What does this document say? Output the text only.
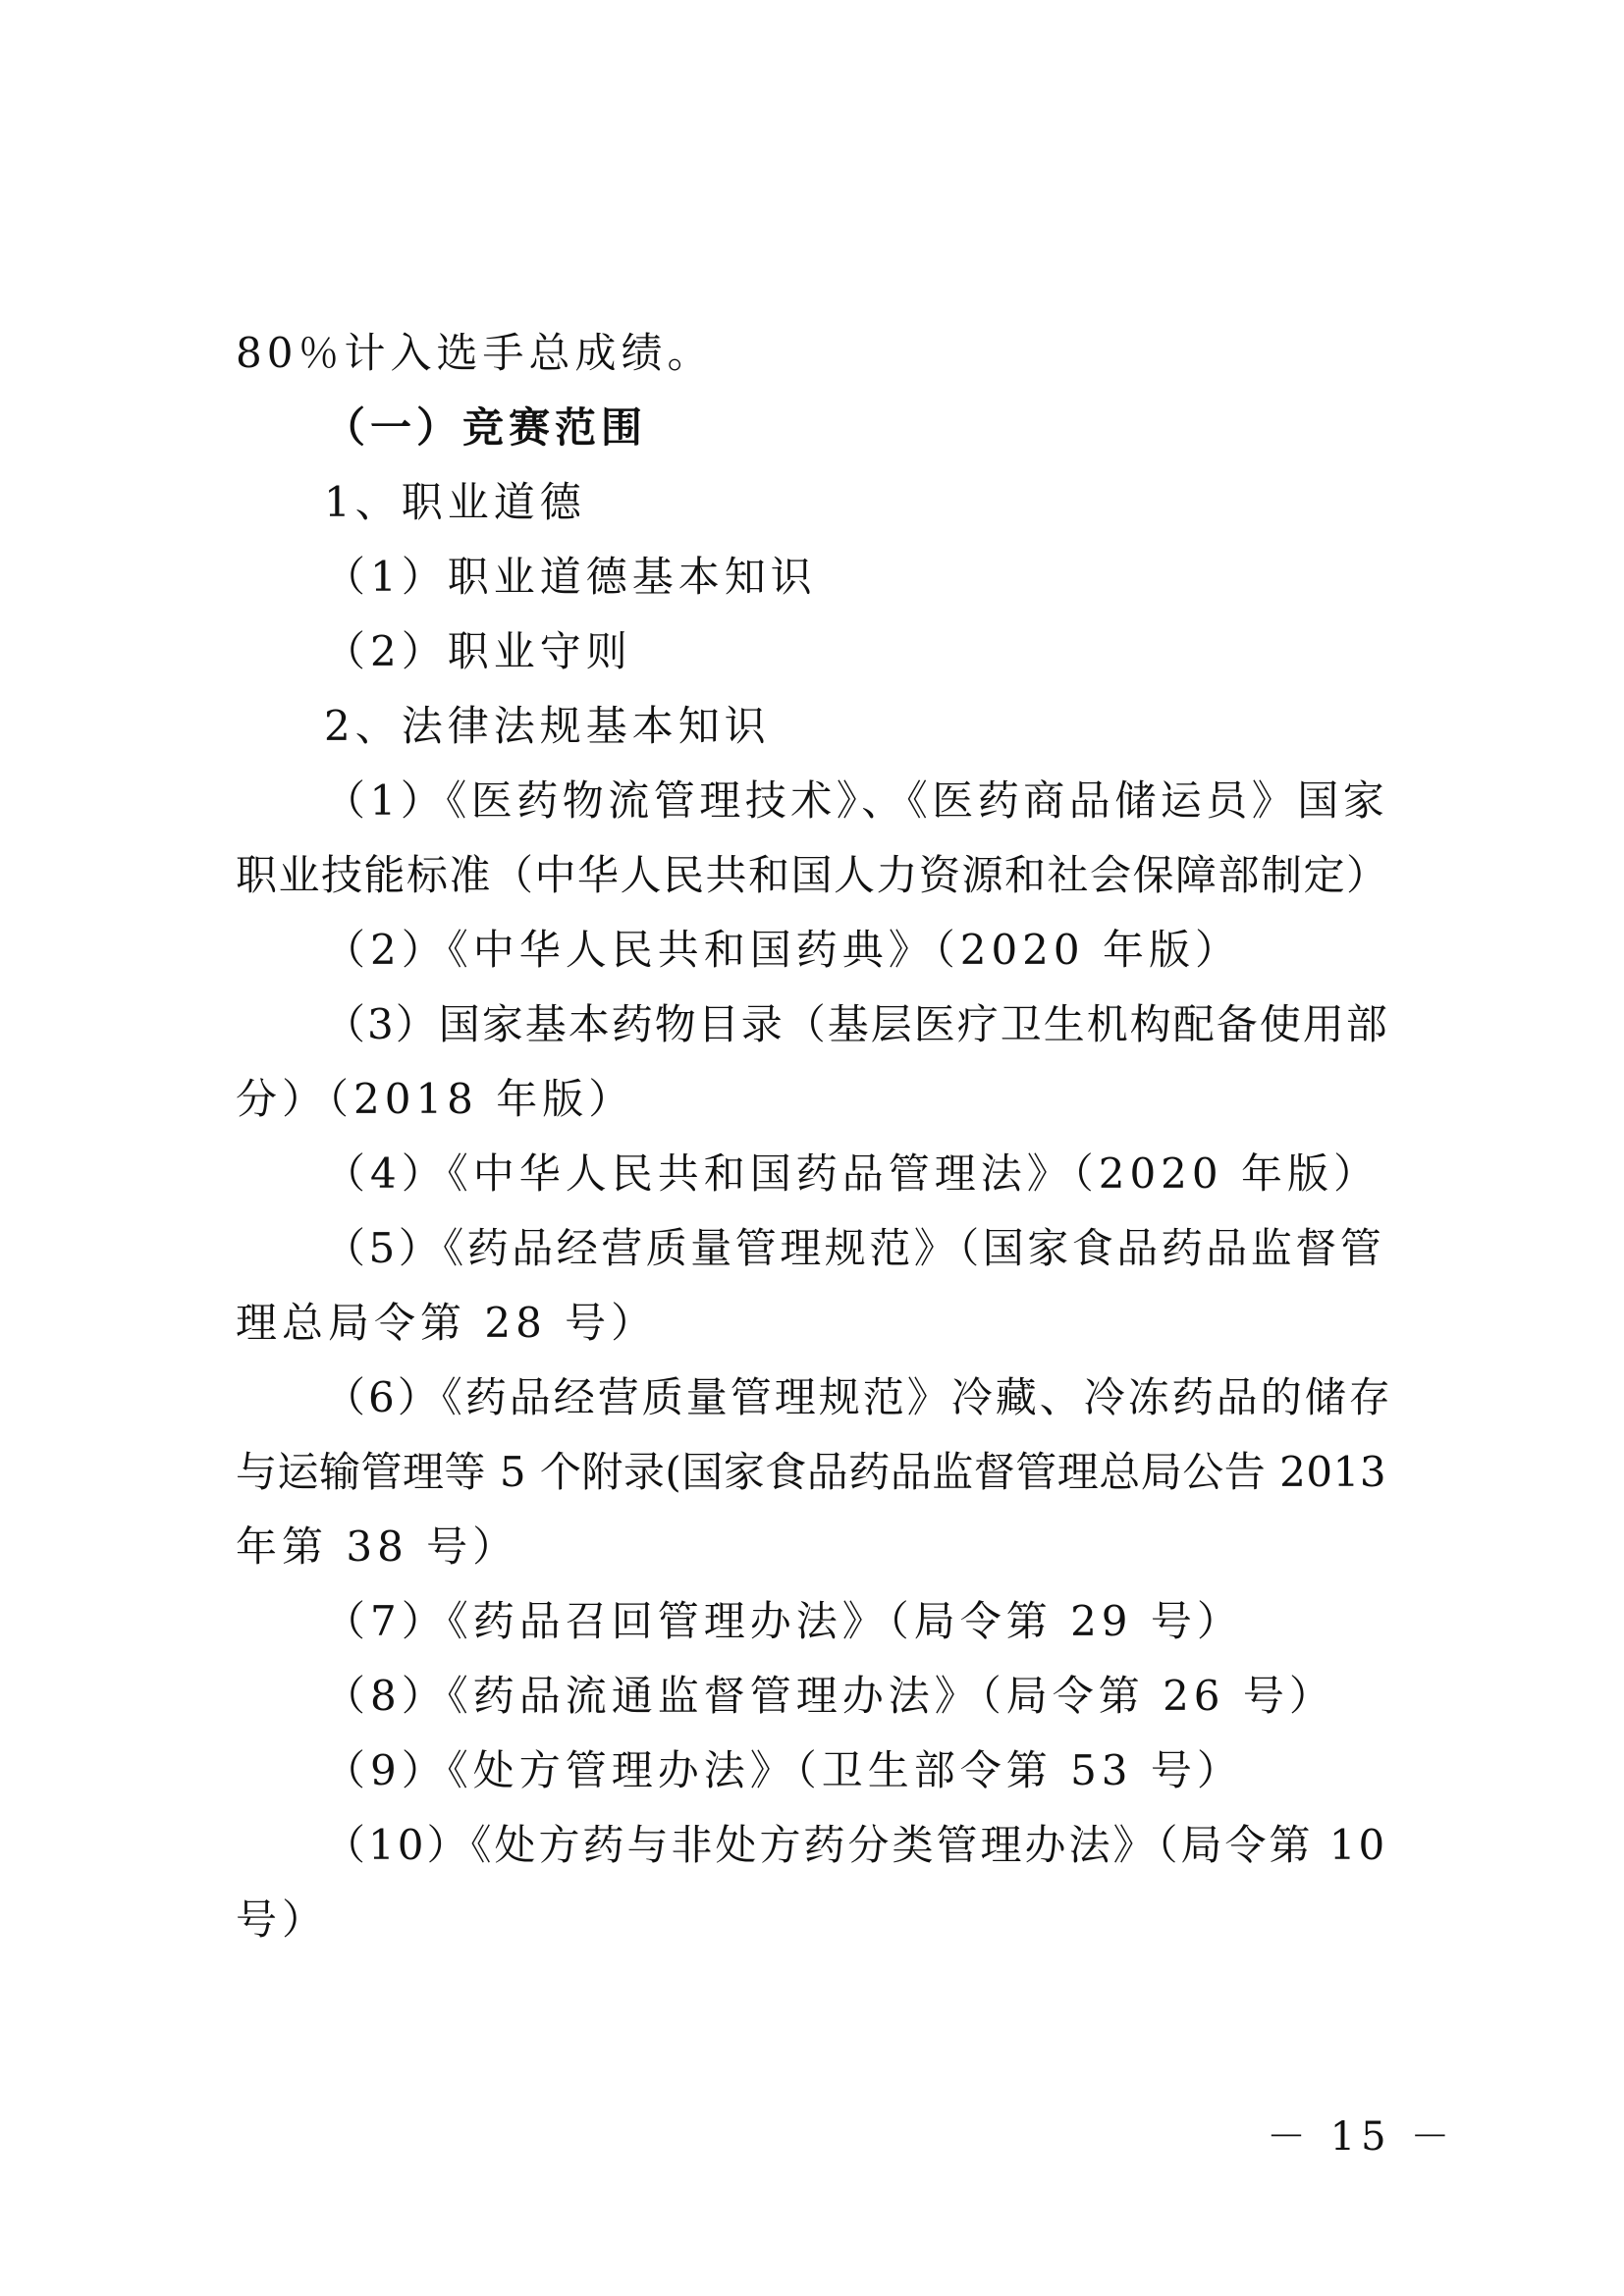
80％计入选手总成绩。
（一）竞赛范围
1、职业道德
（1）职业道德基本知识
（2）职业守则
2、法律法规基本知识
（1）《医药物流管理技术》、《医药商品储运员》国家
职业技能标准（中华人民共和国人力资源和社会保障部制定）
（2）《中华人民共和国药典》（2020 年版）
（3）国家基本药物目录（基层医疗卫生机构配备使用部
分）（2018 年版）
（4）《中华人民共和国药品管理法》（2020 年版）
（5）《药品经营质量管理规范》（国家食品药品监督管
理总局令第 28 号）
（6）《药品经营质量管理规范》冷藏、冷冻药品的储存
与运输管理等 5 个附录(国家食品药品监督管理总局公告 2013
年第 38 号）
（7）《药品召回管理办法》（局令第 29 号）
（8）《药品流通监督管理办法》（局令第 26 号）
（9）《处方管理办法》（卫生部令第 53 号）
（10）《处方药与非处方药分类管理办法》（局令第 10
号）
－ 15 －
